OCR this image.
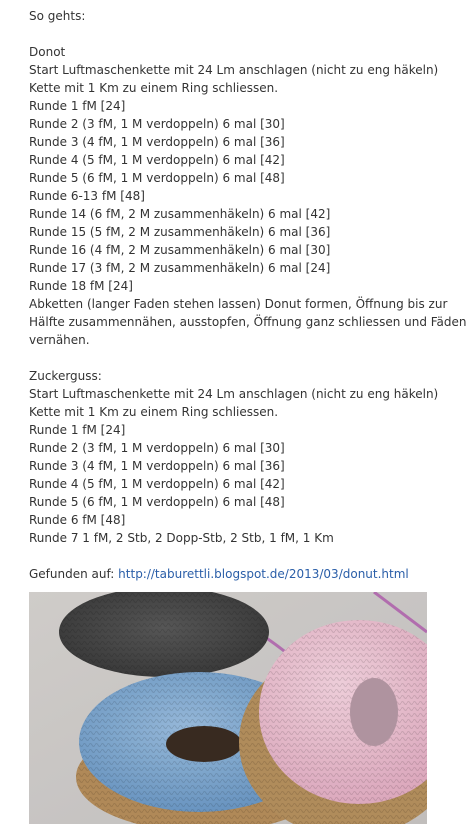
So gehts:
Donot
Start Luftmaschenkette mit 24 Lm anschlagen (nicht zu eng häkeln)
Kette mit 1 Km zu einem Ring schliessen.
Runde 1 fM [24]
Runde 2 (3 fM, 1 M verdoppeln) 6 mal [30]
Runde 3 (4 fM, 1 M verdoppeln) 6 mal [36]
Runde 4 (5 fM, 1 M verdoppeln) 6 mal [42]
Runde 5 (6 fM, 1 M verdoppeln) 6 mal [48]
Runde 6-13 fM [48]
Runde 14 (6 fM, 2 M zusammenhäkeln) 6 mal [42]
Runde 15 (5 fM, 2 M zusammenhäkeln) 6 mal [36]
Runde 16 (4 fM, 2 M zusammenhäkeln) 6 mal [30]
Runde 17 (3 fM, 2 M zusammenhäkeln) 6 mal [24]
Runde 18 fM [24]
Abketten (langer Faden stehen lassen) Donut formen, Öffnung bis zur
Hälfte zusammennähen, ausstopfen, Öffnung ganz schliessen und Fäden
vernähen.
Zuckerguss:
Start Luftmaschenkette mit 24 Lm anschlagen (nicht zu eng häkeln)
Kette mit 1 Km zu einem Ring schliessen.
Runde 1 fM [24]
Runde 2 (3 fM, 1 M verdoppeln) 6 mal [30]
Runde 3 (4 fM, 1 M verdoppeln) 6 mal [36]
Runde 4 (5 fM, 1 M verdoppeln) 6 mal [42]
Runde 5 (6 fM, 1 M verdoppeln) 6 mal [48]
Runde 6 fM [48]
Runde 7 1 fM, 2 Stb, 2 Dopp-Stb, 2 Stb, 1 fM, 1 Km
Gefunden auf: http://taburettli.blogspot.de/2013/03/donut.html
